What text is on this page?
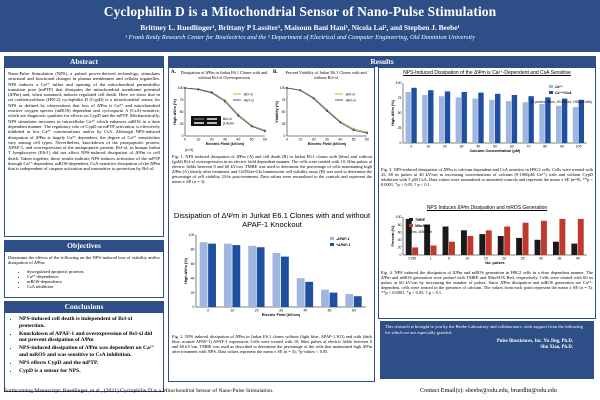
Cyclophilin D is a Mitochondrial Sensor of Nano-Pulse Stimulation
Brittney L. Ruedlinger¹, Brittany P Lassiter¹, Maisoun Bani Hani¹, Nicola Lai², and Stephen J. Beebe¹
¹ Frank Reidy Research Center for Bioelectrics and the ² Department of Electrical and Computer Engineering, Old Dominion University
Abstract
Nano-Pulse Stimulation (NPS), a pulsed power-derived technology, stimulates structural and functional changes in plasma membranes and cellular organelles. NPS induces a Ca²⁺ influx and opening of the mitochondrial permeability transition pore (mPTP) that dissipates the mitochondrial membrane potential (ΔΨm) and, when sustained, induces regulated cell death. Here we show that in rat cardiomyoblasts (H9C2) cyclophilin D (CypD) is a mitochondrial sensor for NPS as defined by observations that loss of ΔΨm is Ca²⁺ and mitochondrial reactive oxygen species (mROS) dependent and cyclosporin A (CsA)-sensitive, which are diagnostic qualities for effects on CypD and the mPTP. Mechanistically, NPS stimulates increases in intracellular Ca²⁺ which enhances mROS in a dose dependent manner. The regulatory role of CypD on mPTP activation, is effectively inhibited at low Ca²⁺ concentrations and/or by CsA. Although NPS-induced dissipation of ΔΨm is largely Ca²⁺ dependent, the degree of Ca²⁺ sensitivities vary among cell types. Nevertheless, knockdown of the proapoptotic protein, APAF-1, and overexpression of the antiapoptotic protein, Bcl-xl, in human Jurkat T lymphocytes (E6-1) did not affect NPS-induced dissipation of ΔΨm or cell death. Taken together, these results indicate NPS induces activation of the mPTP through Ca²⁺-dependent, mROS-dependent, CsA-sensitive dissipation of the ΔΨm that is independent of caspase activation and insensitive to protection by Bcl-xl.
Objectives
Determine the effects of the following on the NPS-induced loss of viability and/or dissipation of ΔΨm:
• dysregulated apoptotic proteins
• Ca²⁺-dependence
• mROS-dependence
• CsA inhibition
Conclusions
• NPS-induced cell death is independent of Bcl-xl protection.
• Knockdown of APAF-1 and overexpression of Bcl-xl did not prevent dissipation of ΔΨm
• NPS-induced dissipation of ΔΨm was dependent on Ca²⁺ and mROS and was sensitive to CsA inhibition.
• NPS effects CypD and the mPTP.
• CypD is a sensor for NPS.
Results
A.	Dissipation of ΔΨm in Jurkat E6.1 Clones with and without Bcl-xl Overexpression
0
25
50
75
100
Electric Field (kV/cm)
High ΔΨm (%)
0	10	20	30	40	50	60
-Bcl-xl
+Bcl-xl
Bcl-xl
β-Actin
(n=3)
B.	Percent Viability of Jurkat E6.1 Clones with and without Bcl-xl
0
25
50
75
100
Electric Field (kV/cm)
Viability (%)
0	10	20	30	40	50	60
-Bcl-xl
+Bcl-xl
Fig. 1. NPS induced dissipation of ΔΨm (A) and cell death (B) in Jurkat E6.1 clones with (blue) and without (gold) Bcl-xl overexpression in an electric field dependent manner. The cells were treated with 10, 60ns pulses at electric fields between 0 and 60 kV/cm. TMRE was used to determine the percentage of cells maintaining high ΔΨm (A) shortly after treatment, and CellTiter-Glo luminescent cell viability assay (B) was used to determine the percentage of cell viability 24-hr post-treatment. Data values were normalized to the controls and represent the mean ± SE (n = 3).
Dissipation of ΔΨm in Jurkat E6.1 Clones with and without APAF-1 Knockout
0
20
40
60
80
100
Electric Field (kV/cm)
High ΔΨm (%)
0	10	20	30	40	50	60
-APAF-1
+APAF-1
Fig. 2. NPS induced dissipation of ΔΨm in Jurkat E6.1 clones without (light blue, APAF-1 KO) and with (dark blue, normal APAF-1) APAF-1 expression. Cells were treated with 10, 60ns pulses at electric fields between 0 and 60 kV/cm. TMRE was used as described to determine the percentage of the cells that maintained high ΔΨm after treatment with NPS. Data values represent the mean ± SE (n = 3); *p-values < 0.05.
NPS-Induced Dissipation of the ΔΨm is Ca²⁺-Dependent and CsA Sensitive
0
25
50
75
100
Calcium Concentration (μM)
High ΔΨm (%)
0	10	20	30	40	50	60	70	80	90	100
Ca²⁺
Ca²⁺+CsA
(5 pulses, 60ns, 40 kV/cm, H9C2 Cells)
Fig. 3. NPS-induced dissipation of ΔΨm is calcium dependent and CsA sensitive in H9C2 cells. Cells were treated with 25, 60 ns pulses at 40 kV/cm in increasing concentrations of calcium (0-1000μM Ca²⁺) with and without CypD inhibition with 5 μM CsA. Data values were normalized to untreated controls and represent the mean ± SE (n=9). **p < 0.0001, *p < 0.05, † p < 0.1.
NPS Induces ΔΨm Dissipation and mROS Generation
0
20
40
60
80
100
No. pulses
Percent (%)
CON	1	5	10	15	20	25	30	35	40
TMRE
MitoSOX
60ns, 40kV/cm
Fig. 4. NPS induced the dissipation of ΔΨm and mROS generation in H9C2 cells in a dose dependent manner. The ΔΨm and mROS generation were probed with TMRE and MitoSOX Red, respectively. Cells were treated with 60 ns pulses at 60 kV/cm by increasing the number of pulses. Since ΔΨm dissipation and mROS generation are Ca²⁺-dependent, cells were treated in the presence of calcium. The values from each point represent the mean ± SE (n = 3). **p < 0.0001, *p < 0.05, † p < 0.1.
This research is brought to you by the Beebe Laboratory and collaborators, with support from the following for which we are especially grateful:
Pulse Biosciences, Inc. Yu Jing, Ph.D.
Shu Xiao, Ph.D.
Forthcoming Manuscript: Ruedlinger, et al., (2021) Cyclophilin D is a Mitochondrial Sensor of Nano-Pulse Stimulation.	Contact Email(s): sbeebe@odu.edu, bruedlin@odu.edu
